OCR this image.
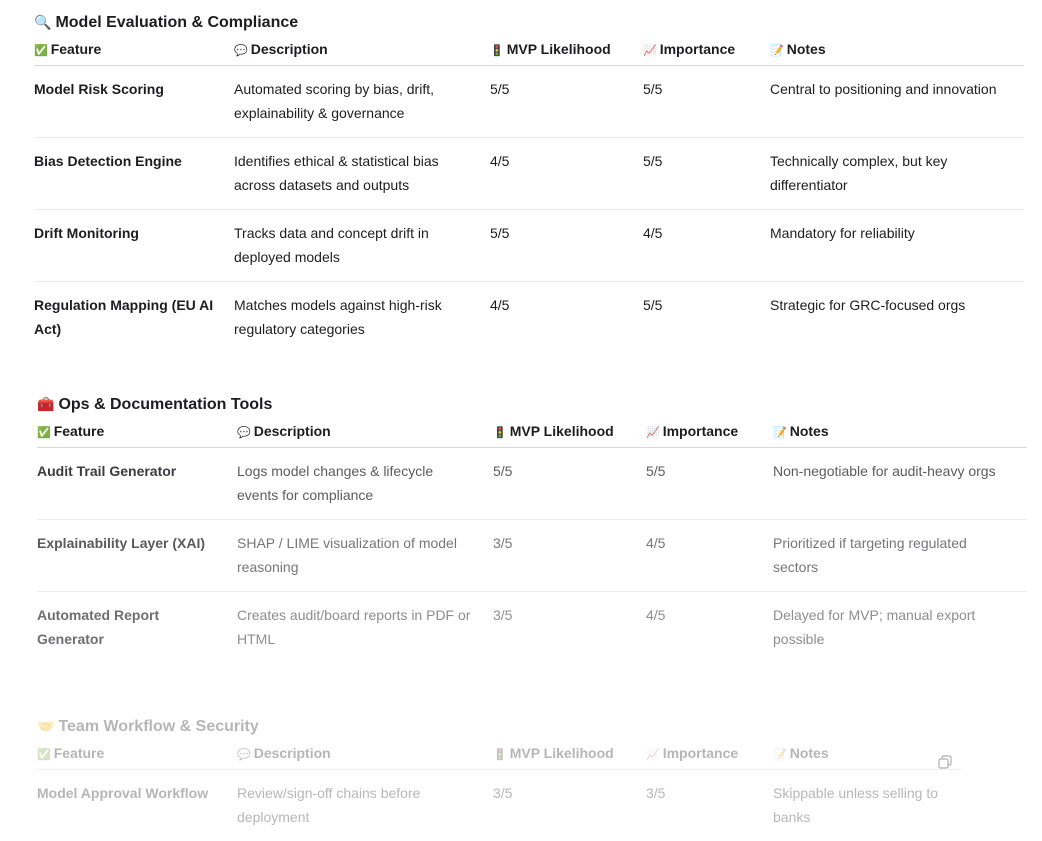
🔍 Model Evaluation & Compliance
✅ Feature	💬 Description	🚦 MVP Likelihood	📈 Importance	📝 Notes
Model Risk Scoring	Automated scoring by bias, drift, explainability & governance	5/5	5/5	Central to positioning and innovation
Bias Detection Engine	Identifies ethical & statistical bias across datasets and outputs	4/5	5/5	Technically complex, but key differentiator
Drift Monitoring	Tracks data and concept drift in deployed models	5/5	4/5	Mandatory for reliability
Regulation Mapping (EU AI Act)	Matches models against high-risk regulatory categories	4/5	5/5	Strategic for GRC-focused orgs
🧰 Ops & Documentation Tools
✅ Feature	💬 Description	🚦 MVP Likelihood	📈 Importance	📝 Notes
Audit Trail Generator	Logs model changes & lifecycle events for compliance	5/5	5/5	Non-negotiable for audit-heavy orgs
Explainability Layer (XAI)	SHAP / LIME visualization of model reasoning	3/5	4/5	Prioritized if targeting regulated sectors
Automated Report Generator	Creates audit/board reports in PDF or HTML	3/5	4/5	Delayed for MVP; manual export possible
🤝 Team Workflow & Security
✅ Feature	💬 Description	🚦 MVP Likelihood	📈 Importance	📝 Notes
Model Approval Workflow	Review/sign-off chains before deployment	3/5	3/5	Skippable unless selling to banks
